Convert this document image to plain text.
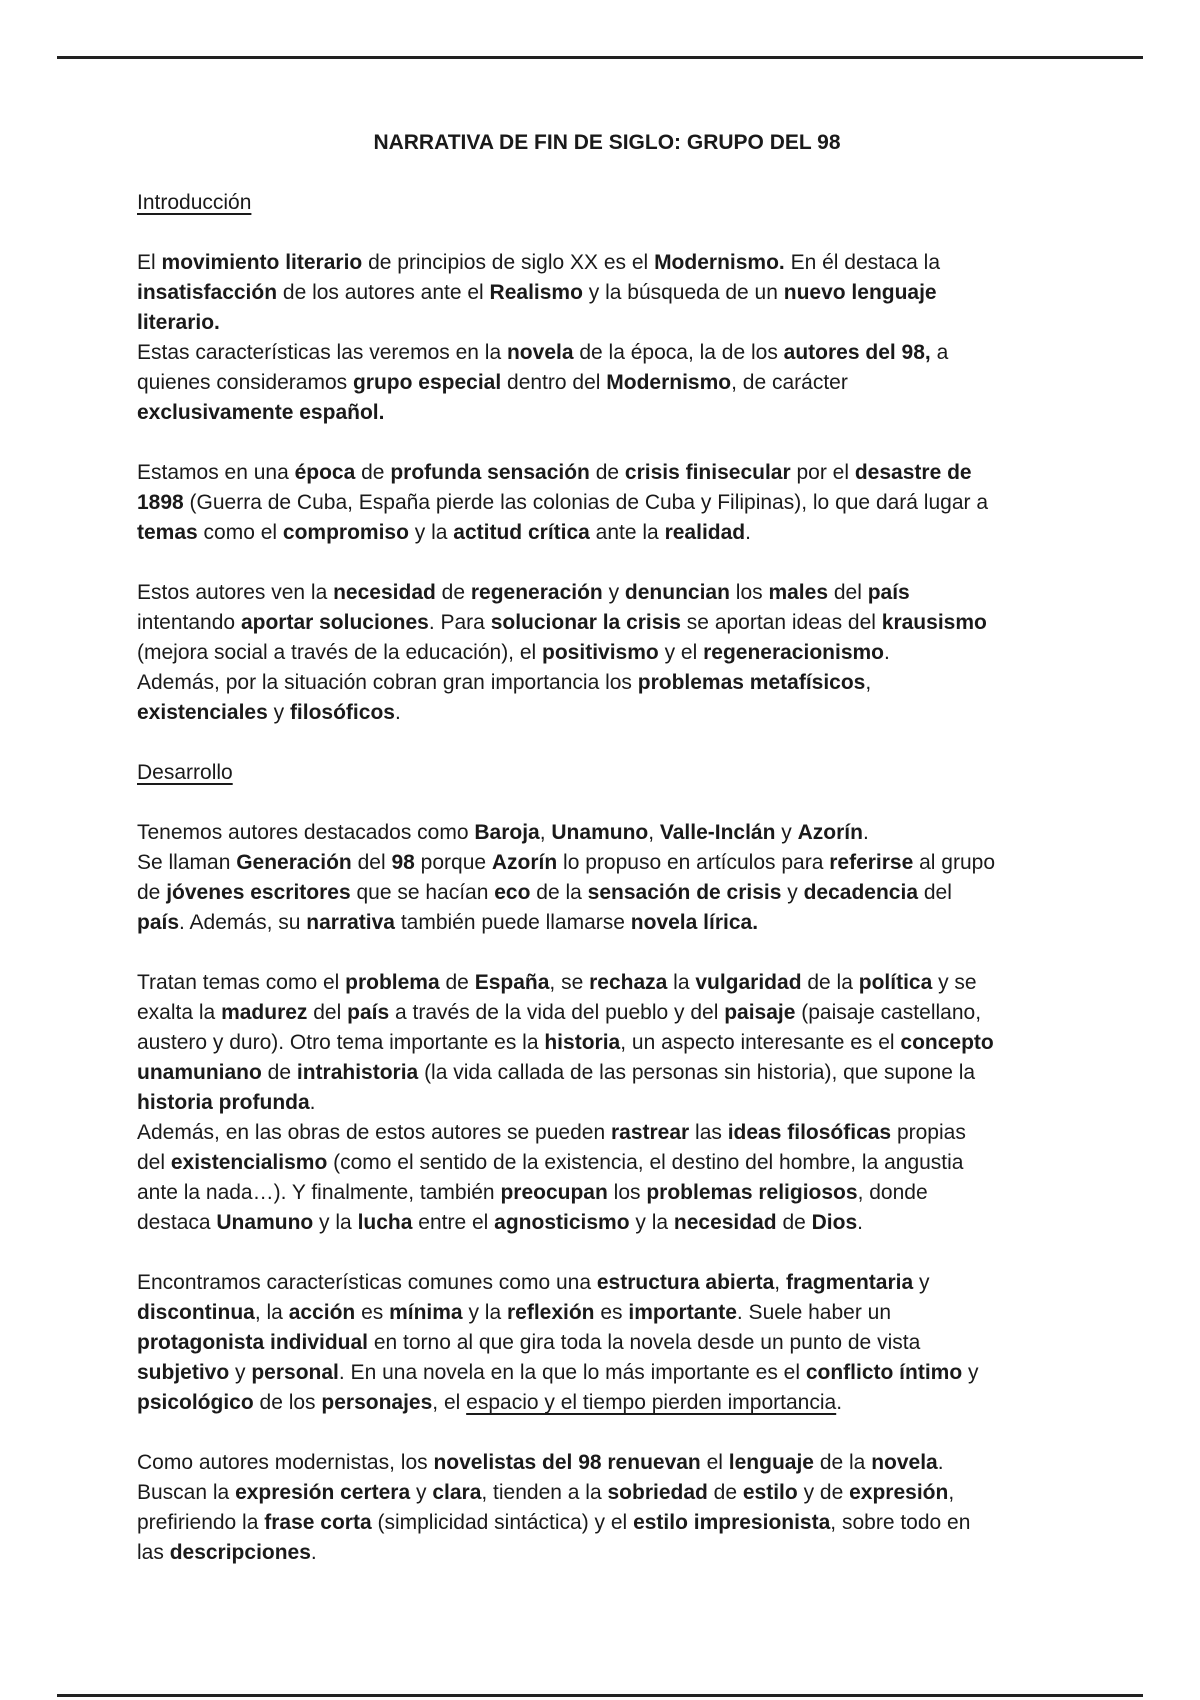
NARRATIVA DE FIN DE SIGLO: GRUPO DEL 98
Introducción
El movimiento literario de principios de siglo XX es el Modernismo. En él destaca la
insatisfacción de los autores ante el Realismo y la búsqueda de un nuevo lenguaje
literario.
Estas características las veremos en la novela de la época, la de los autores del 98, a
quienes consideramos grupo especial dentro del Modernismo, de carácter
exclusivamente español.
Estamos en una época de profunda sensación de crisis finisecular por el desastre de
1898 (Guerra de Cuba, España pierde las colonias de Cuba y Filipinas), lo que dará lugar a
temas como el compromiso y la actitud crítica ante la realidad.
Estos autores ven la necesidad de regeneración y denuncian los males del país
intentando aportar soluciones. Para solucionar la crisis se aportan ideas del krausismo
(mejora social a través de la educación), el positivismo y el regeneracionismo.
Además, por la situación cobran gran importancia los problemas metafísicos,
existenciales y filosóficos.
Desarrollo
Tenemos autores destacados como Baroja, Unamuno, Valle-Inclán y Azorín.
Se llaman Generación del 98 porque Azorín lo propuso en artículos para referirse al grupo
de jóvenes escritores que se hacían eco de la sensación de crisis y decadencia del
país. Además, su narrativa también puede llamarse novela lírica.
Tratan temas como el problema de España, se rechaza la vulgaridad de la política y se
exalta la madurez del país a través de la vida del pueblo y del paisaje (paisaje castellano,
austero y duro). Otro tema importante es la historia, un aspecto interesante es el concepto
unamuniano de intrahistoria (la vida callada de las personas sin historia), que supone la
historia profunda.
Además, en las obras de estos autores se pueden rastrear las ideas filosóficas propias
del existencialismo (como el sentido de la existencia, el destino del hombre, la angustia
ante la nada…). Y finalmente, también preocupan los problemas religiosos, donde
destaca Unamuno y la lucha entre el agnosticismo y la necesidad de Dios.
Encontramos características comunes como una estructura abierta, fragmentaria y
discontinua, la acción es mínima y la reflexión es importante. Suele haber un
protagonista individual en torno al que gira toda la novela desde un punto de vista
subjetivo y personal. En una novela en la que lo más importante es el conflicto íntimo y
psicológico de los personajes, el espacio y el tiempo pierden importancia.
Como autores modernistas, los novelistas del 98 renuevan el lenguaje de la novela.
Buscan la expresión certera y clara, tienden a la sobriedad de estilo y de expresión,
prefiriendo la frase corta (simplicidad sintáctica) y el estilo impresionista, sobre todo en
las descripciones.
